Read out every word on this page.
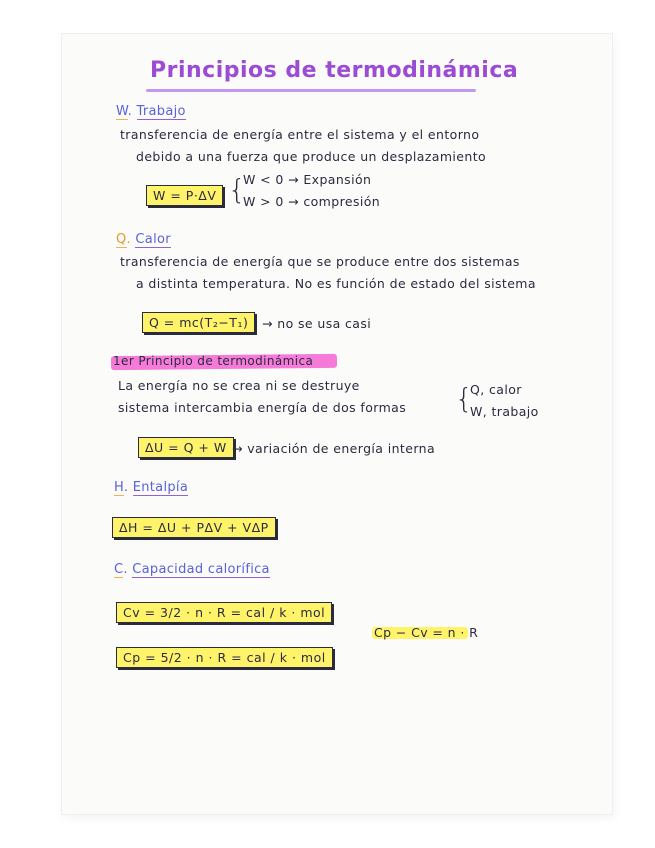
Principios de termodinámica
W. Trabajo
transferencia de energía entre el sistema y el entorno
debido a una fuerza que produce un desplazamiento
W = P·ΔV {
W < 0 → Expansión
W > 0 → compresión
Q. Calor
transferencia de energía que se produce entre dos sistemas
a distinta temperatura. No es función de estado del sistema
Q = mc(T₂−T₁)	→ no se usa casi
1er Principio de termodinámica
La energía no se crea ni se destruye
sistema intercambia energía de dos formas {
Q, calor
W, trabajo
ΔU = Q + W → variación de energía interna
H. Entalpía
ΔH = ΔU + PΔV + VΔP
C. Capacidad calorífica
Cv = 3/2 · n · R = cal / k · mol
Cp = 5/2 · n · R = cal / k · mol
Cp − Cv = n · R
